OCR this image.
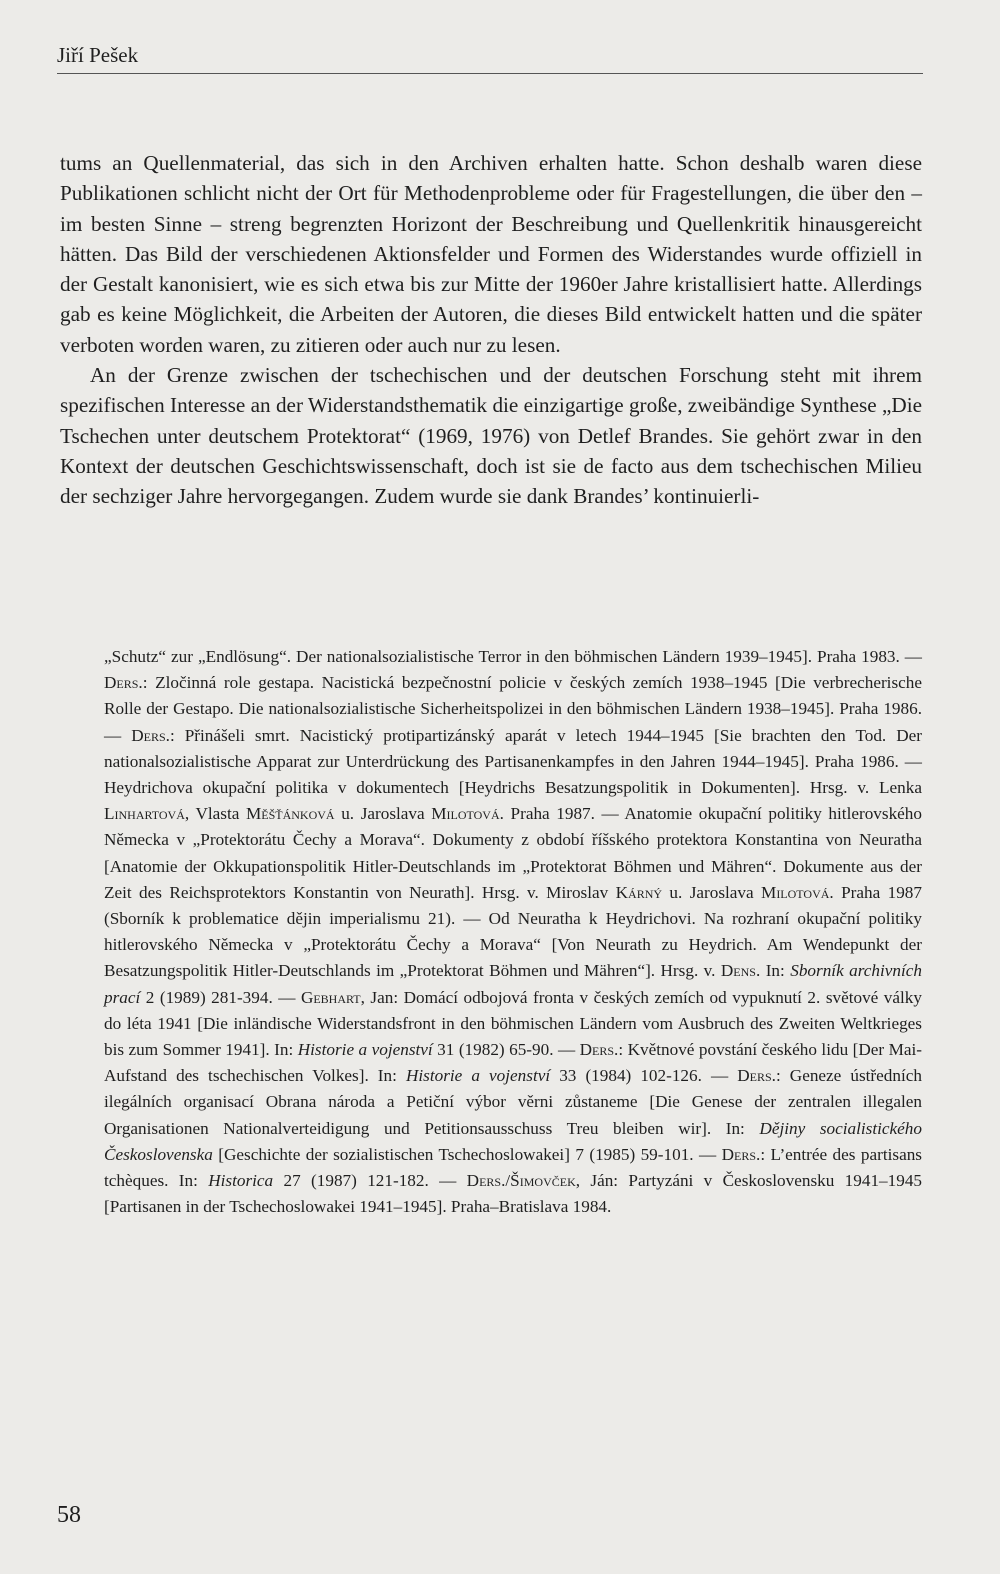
Jiří Pešek

tums an Quellenmaterial, das sich in den Archiven erhalten hatte. Schon deshalb waren diese Publikationen schlicht nicht der Ort für Methodenprobleme oder für Fragestellungen, die über den – im besten Sinne – streng begrenzten Horizont der Beschreibung und Quellenkritik hinausgereicht hätten. Das Bild der verschiedenen Aktionsfelder und Formen des Widerstandes wurde offiziell in der Gestalt kanonisiert, wie es sich etwa bis zur Mitte der 1960er Jahre kristallisiert hatte. Allerdings gab es keine Möglichkeit, die Arbeiten der Autoren, die dieses Bild entwickelt hatten und die später verboten worden waren, zu zitieren oder auch nur zu lesen.

An der Grenze zwischen der tschechischen und der deutschen Forschung steht mit ihrem spezifischen Interesse an der Widerstandsthematik die einzigartige große, zweibändige Synthese „Die Tschechen unter deutschem Protektorat“ (1969, 1976) von Detlef Brandes. Sie gehört zwar in den Kontext der deutschen Geschichtswissenschaft, doch ist sie de facto aus dem tschechischen Milieu der sechziger Jahre hervorgegangen. Zudem wurde sie dank Brandes’ kontinuierli-

„Schutz“ zur „Endlösung“. Der nationalsozialistische Terror in den böhmischen Ländern 1939–1945]. Praha 1983. — Ders.: Zločinná role gestapa. Nacistická bezpečnostní policie v českých zemích 1938–1945 [Die verbrecherische Rolle der Gestapo. Die nationalsozialistische Sicherheitspolizei in den böhmischen Ländern 1938–1945]. Praha 1986. — Ders.: Přinášeli smrt. Nacistický protipartizánský aparát v letech 1944–1945 [Sie brachten den Tod. Der nationalsozialistische Apparat zur Unterdrückung des Partisanenkampfes in den Jahren 1944–1945]. Praha 1986. — Heydrichova okupační politika v dokumentech [Heydrichs Besatzungspolitik in Dokumenten]. Hrsg. v. Lenka Linhartová, Vlasta Měšťánková u. Jaroslava Milotová. Praha 1987. — Anatomie okupační politiky hitlerovského Německa v „Protektorátu Čechy a Morava“. Dokumenty z období říšského protektora Konstantina von Neuratha [Anatomie der Okkupationspolitik Hitler-Deutschlands im „Protektorat Böhmen und Mähren“. Dokumente aus der Zeit des Reichsprotektors Konstantin von Neurath]. Hrsg. v. Miroslav Kárný u. Jaroslava Milotová. Praha 1987 (Sborník k problematice dějin imperialismu 21). — Od Neuratha k Heydrichovi. Na rozhraní okupační politiky hitlerovského Německa v „Protektorátu Čechy a Morava“ [Von Neurath zu Heydrich. Am Wendepunkt der Besatzungspolitik Hitler-Deutschlands im „Protektorat Böhmen und Mähren“]. Hrsg. v. Dens. In: Sborník archivních prací 2 (1989) 281-394. — Gebhart, Jan: Domácí odbojová fronta v českých zemích od vypuknutí 2. světové války do léta 1941 [Die inländische Widerstandsfront in den böhmischen Ländern vom Ausbruch des Zweiten Weltkrieges bis zum Sommer 1941]. In: Historie a vojenství 31 (1982) 65-90. — Ders.: Květnové povstání českého lidu [Der Mai-Aufstand des tschechischen Volkes]. In: Historie a vojenství 33 (1984) 102-126. — Ders.: Geneze ústředních ilegálních organisací Obrana národa a Petiční výbor věrni zůstaneme [Die Genese der zentralen illegalen Organisationen Nationalverteidigung und Petitionsausschuss Treu bleiben wir]. In: Dějiny socialistického Československa [Geschichte der sozialistischen Tschechoslowakei] 7 (1985) 59-101. — Ders.: L’entrée des partisans tchèques. In: Historica 27 (1987) 121-182. — Ders./Šimovček, Ján: Partyzáni v Československu 1941–1945 [Partisanen in der Tschechoslowakei 1941–1945]. Praha–Bratislava 1984.

58
